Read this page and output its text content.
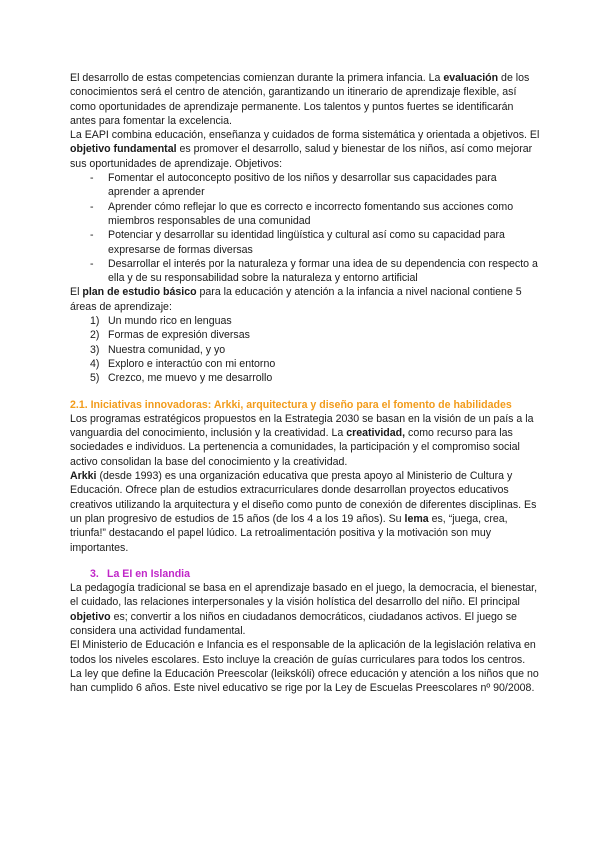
El desarrollo de estas competencias comienzan durante la primera infancia. La evaluación de los conocimientos será el centro de atención, garantizando un itinerario de aprendizaje flexible, así como oportunidades de aprendizaje permanente. Los talentos y puntos fuertes se identificarán antes para fomentar la excelencia.

La EAPI combina educación, enseñanza y cuidados de forma sistemática y orientada a objetivos. El objetivo fundamental es promover el desarrollo, salud y bienestar de los niños, así como mejorar sus oportunidades de aprendizaje. Objetivos:

- Fomentar el autoconcepto positivo de los niños y desarrollar sus capacidades para aprender a aprender
- Aprender cómo reflejar lo que es correcto e incorrecto fomentando sus acciones como miembros responsables de una comunidad
- Potenciar y desarrollar su identidad lingüística y cultural así como su capacidad para expresarse de formas diversas
- Desarrollar el interés por la naturaleza y formar una idea de su dependencia con respecto a ella y de su responsabilidad sobre la naturaleza y entorno artificial

El plan de estudio básico para la educación y atención a la infancia a nivel nacional contiene 5 áreas de aprendizaje:

1) Un mundo rico en lenguas
2) Formas de expresión diversas
3) Nuestra comunidad, y yo
4) Exploro e interactúo con mi entorno
5) Crezco, me muevo y me desarrollo

2.1. Iniciativas innovadoras: Arkki, arquitectura y diseño para el fomento de habilidades

Los programas estratégicos propuestos en la Estrategia 2030 se basan en la visión de un país a la vanguardia del conocimiento, inclusión y la creatividad. La creatividad, como recurso para las sociedades e individuos. La pertenencia a comunidades, la participación y el compromiso social activo consolidan la base del conocimiento y la creatividad.

Arkki (desde 1993) es una organización educativa que presta apoyo al Ministerio de Cultura y Educación. Ofrece plan de estudios extracurriculares donde desarrollan proyectos educativos creativos utilizando la arquitectura y el diseño como punto de conexión de diferentes disciplinas. Es un plan progresivo de estudios de 15 años (de los 4 a los 19 años). Su lema es, “juega, crea, triunfa!” destacando el papel lúdico. La retroalimentación positiva y la motivación son muy importantes.

3. La EI en Islandia

La pedagogía tradicional se basa en el aprendizaje basado en el juego, la democracia, el bienestar, el cuidado, las relaciones interpersonales y la visión holística del desarrollo del niño. El principal objetivo es; convertir a los niños en ciudadanos democráticos, ciudadanos activos. El juego se considera una actividad fundamental.

El Ministerio de Educación e Infancia es el responsable de la aplicación de la legislación relativa en todos los niveles escolares. Esto incluye la creación de guías curriculares para todos los centros.

La ley que define la Educación Preescolar (leikskóli) ofrece educación y atención a los niños que no han cumplido 6 años. Este nivel educativo se rige por la Ley de Escuelas Preescolares nº 90/2008.
